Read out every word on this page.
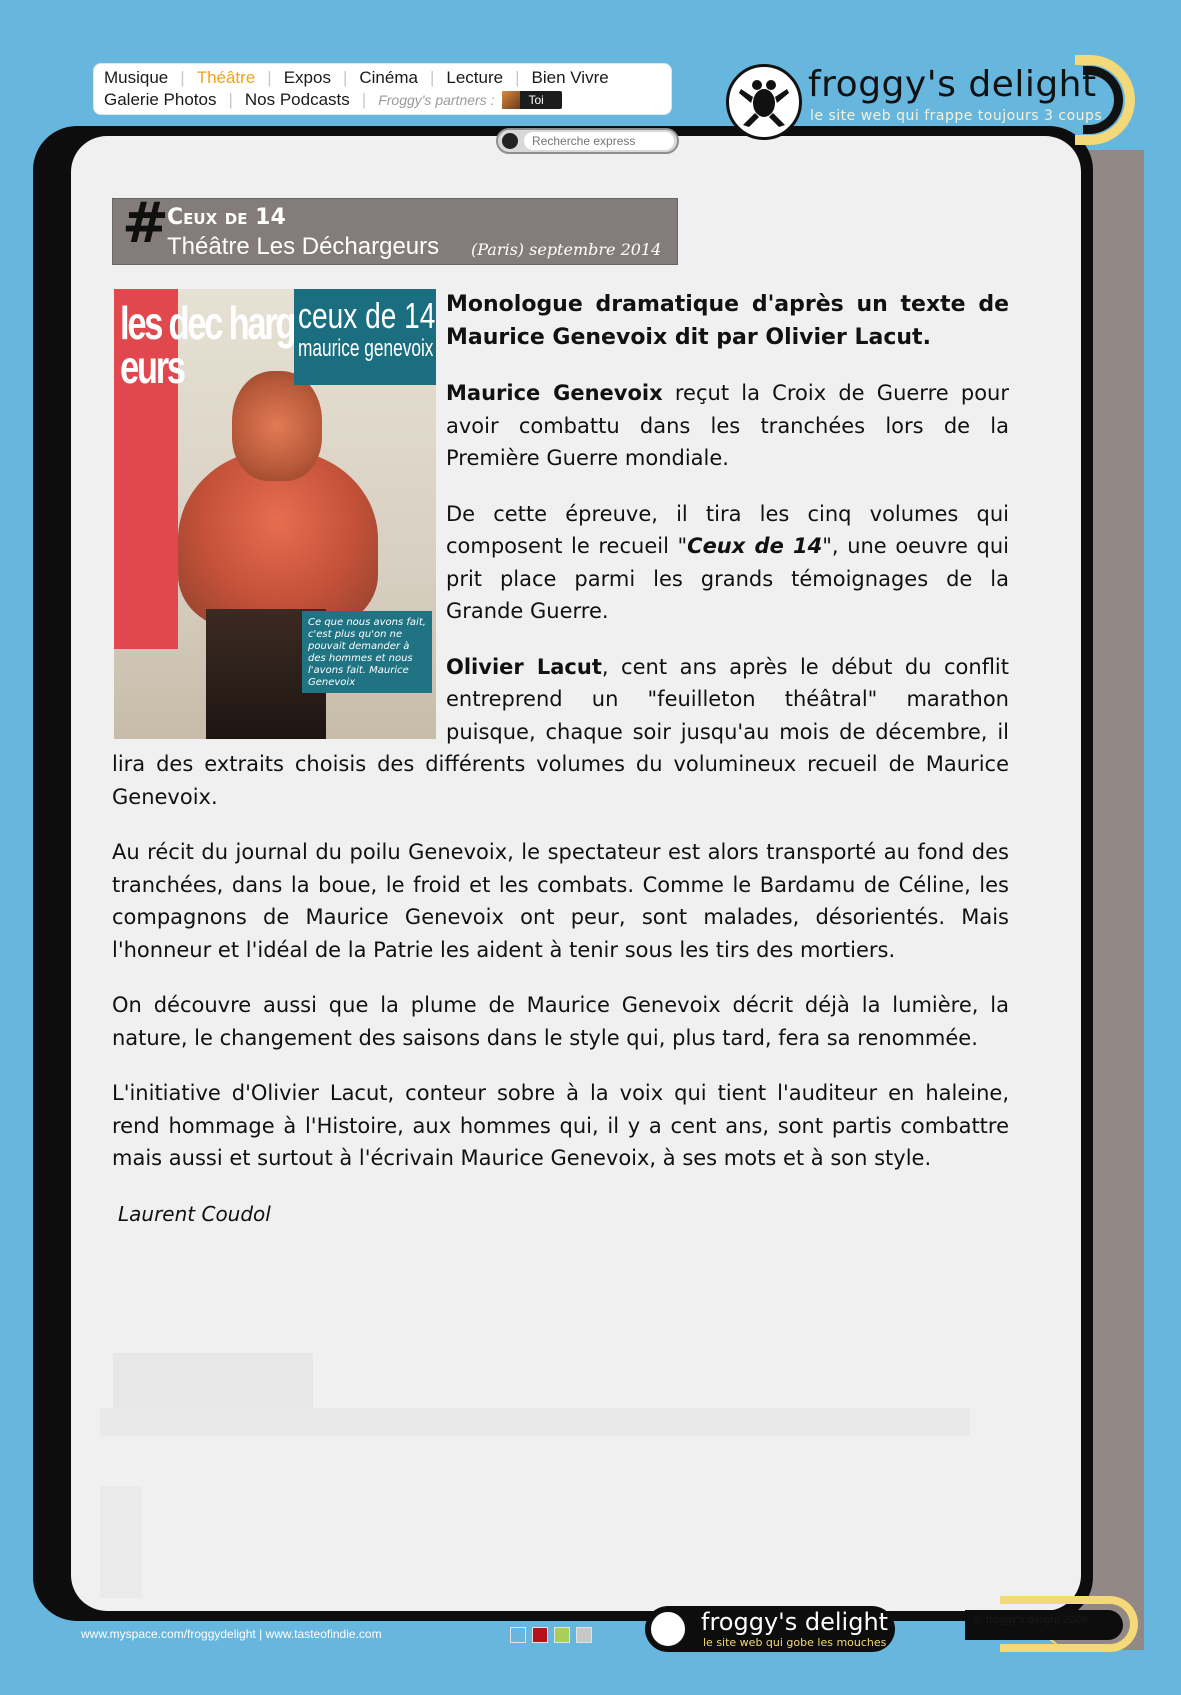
Musique | Théâtre | Expos | Cinéma | Lecture | Bien Vivre
Galerie Photos | Nos Podcasts | Froggy's partners :	Toi	froggy's delight
le site web qui frappe toujours 3 coups
Recherche express
#
Ceux de 14
Théâtre Les Déchargeurs (Paris) septembre 2014
les dec harg eurs
ceux de 14
maurice genevoix
Ce que nous avons fait, c'est plus qu'on ne pouvait demander à des hommes et nous l'avons fait. Maurice Genevoix

Monologue dramatique d'après un texte de Maurice Genevoix dit par Olivier Lacut.

Maurice Genevoix reçut la Croix de Guerre pour avoir combattu dans les tranchées lors de la Première Guerre mondiale.

De cette épreuve, il tira les cinq volumes qui composent le recueil "Ceux de 14", une oeuvre qui prit place parmi les grands témoignages de la Grande Guerre.

Olivier Lacut, cent ans après le début du conflit entreprend un "feuilleton théâtral" marathon puisque, chaque soir jusqu'au mois de décembre, il lira des extraits choisis des différents volumes du volumineux recueil de Maurice Genevoix.

Au récit du journal du poilu Genevoix, le spectateur est alors transporté au fond des tranchées, dans la boue, le froid et les combats. Comme le Bardamu de Céline, les compagnons de Maurice Genevoix ont peur, sont malades, désorientés. Mais l'honneur et l'idéal de la Patrie les aident à tenir sous les tirs des mortiers.

On découvre aussi que la plume de Maurice Genevoix décrit déjà la lumière, la nature, le changement des saisons dans le style qui, plus tard, fera sa renommée.

L'initiative d'Olivier Lacut, conteur sobre à la voix qui tient l'auditeur en haleine, rend hommage à l'Histoire, aux hommes qui, il y a cent ans, sont partis combattre mais aussi et surtout à l'écrivain Maurice Genevoix, à ses mots et à son style.

Laurent Coudol
www.myspace.com/froggydelight | www.tasteofindie.com	froggy's delight
le site web qui gobe les mouches
© froggy's delight 2008
